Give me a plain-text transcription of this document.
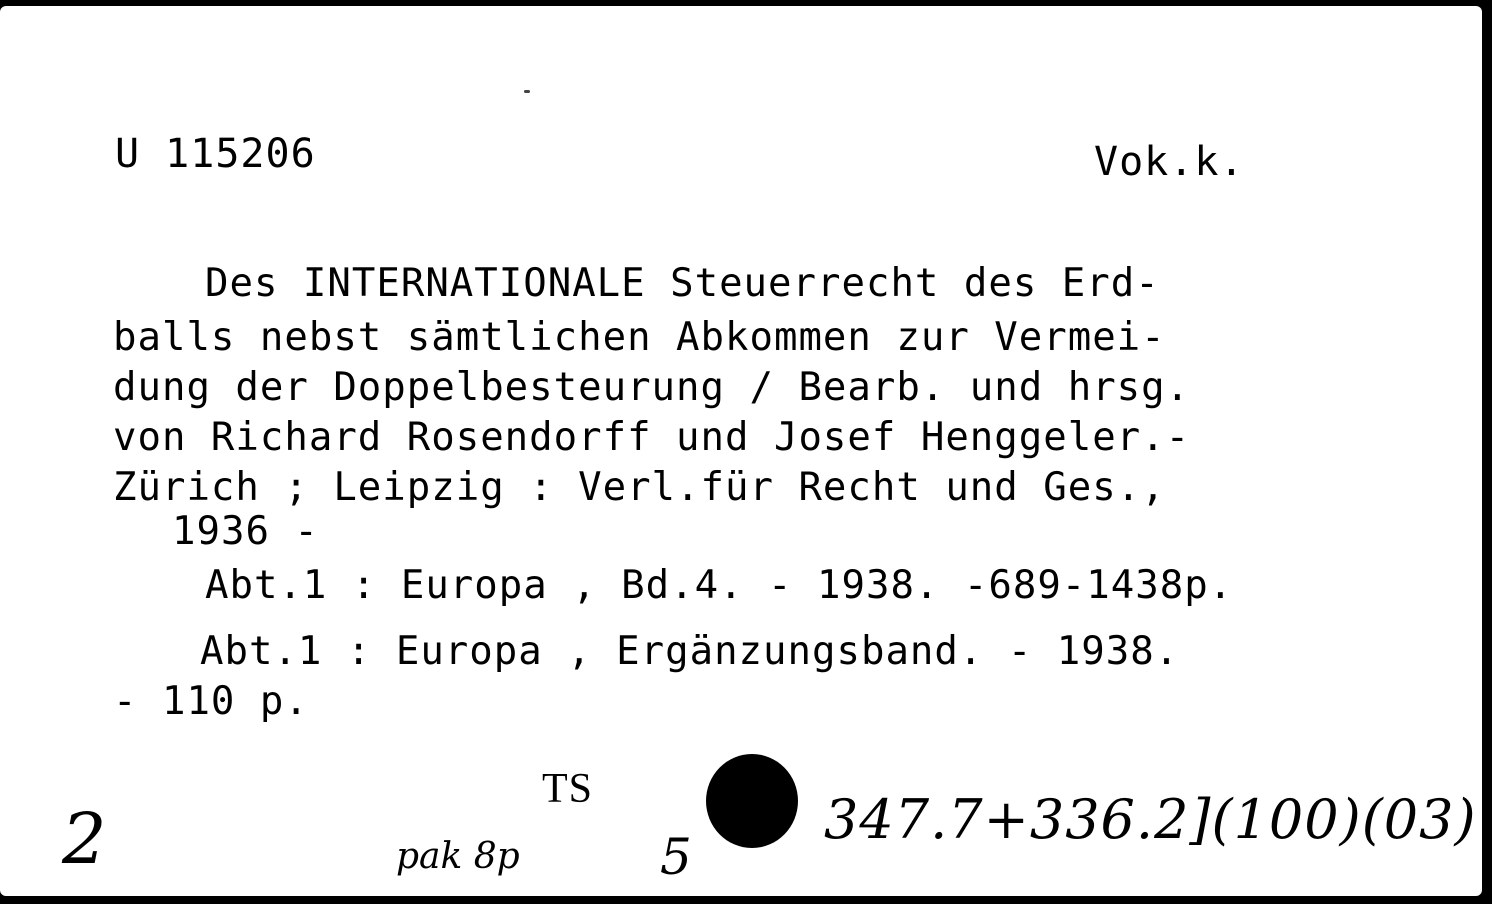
U 115206	Vok.k.
Des INTERNATIONALE Steuerrecht des Erd-
balls nebst sämtlichen Abkommen zur Vermei-
dung der Doppelbesteurung / Bearb. und hrsg.
von Richard Rosendorff und Josef Henggeler.-
Zürich ; Leipzig : Verl.für Recht und Ges.,
1936 -
Abt.1 : Europa , Bd.4. - 1938. -689-1438p.
Abt.1 : Europa , Ergänzungsband. - 1938.
- 110 p.
TS
2	pak 8p	5
347.7+336.2](100)(03)
